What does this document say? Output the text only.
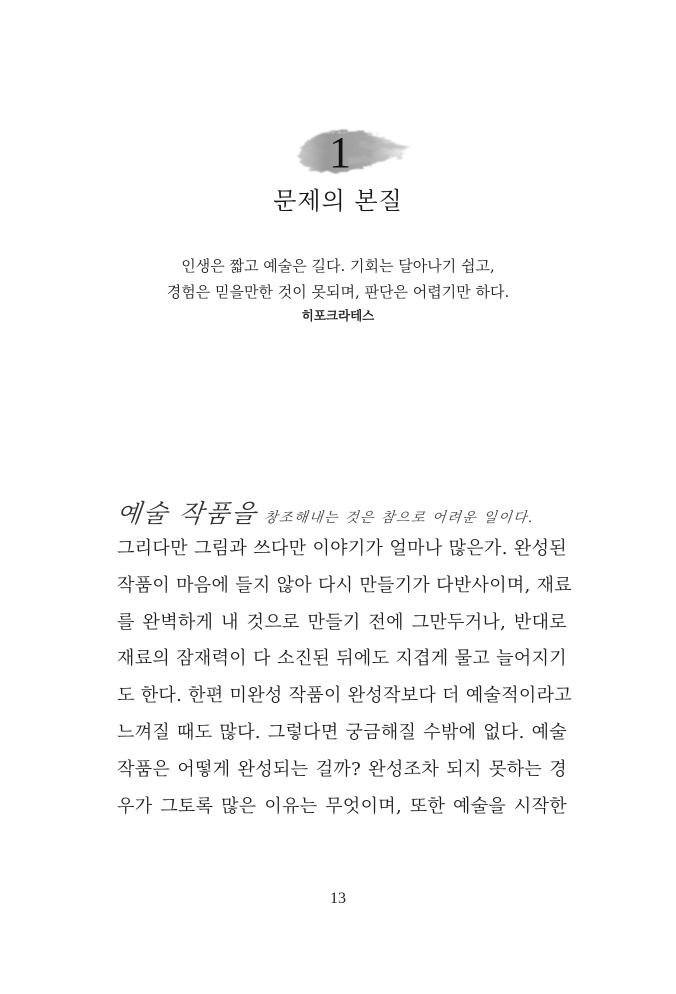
1
문제의 본질
인생은 짧고 예술은 길다. 기회는 달아나기 쉽고,
경험은 믿을만한 것이 못되며, 판단은 어렵기만 하다.
히포크라테스
예술 작품을 창조해내는 것은 참으로 어려운 일이다.
그리다만 그림과 쓰다만 이야기가 얼마나 많은가. 완성된
작품이 마음에 들지 않아 다시 만들기가 다반사이며, 재료
를 완벽하게 내 것으로 만들기 전에 그만두거나, 반대로
재료의 잠재력이 다 소진된 뒤에도 지겹게 물고 늘어지기
도 한다. 한편 미완성 작품이 완성작보다 더 예술적이라고
느껴질 때도 많다. 그렇다면 궁금해질 수밖에 없다. 예술
작품은 어떻게 완성되는 걸까? 완성조차 되지 못하는 경
우가 그토록 많은 이유는 무엇이며, 또한 예술을 시작한
13
